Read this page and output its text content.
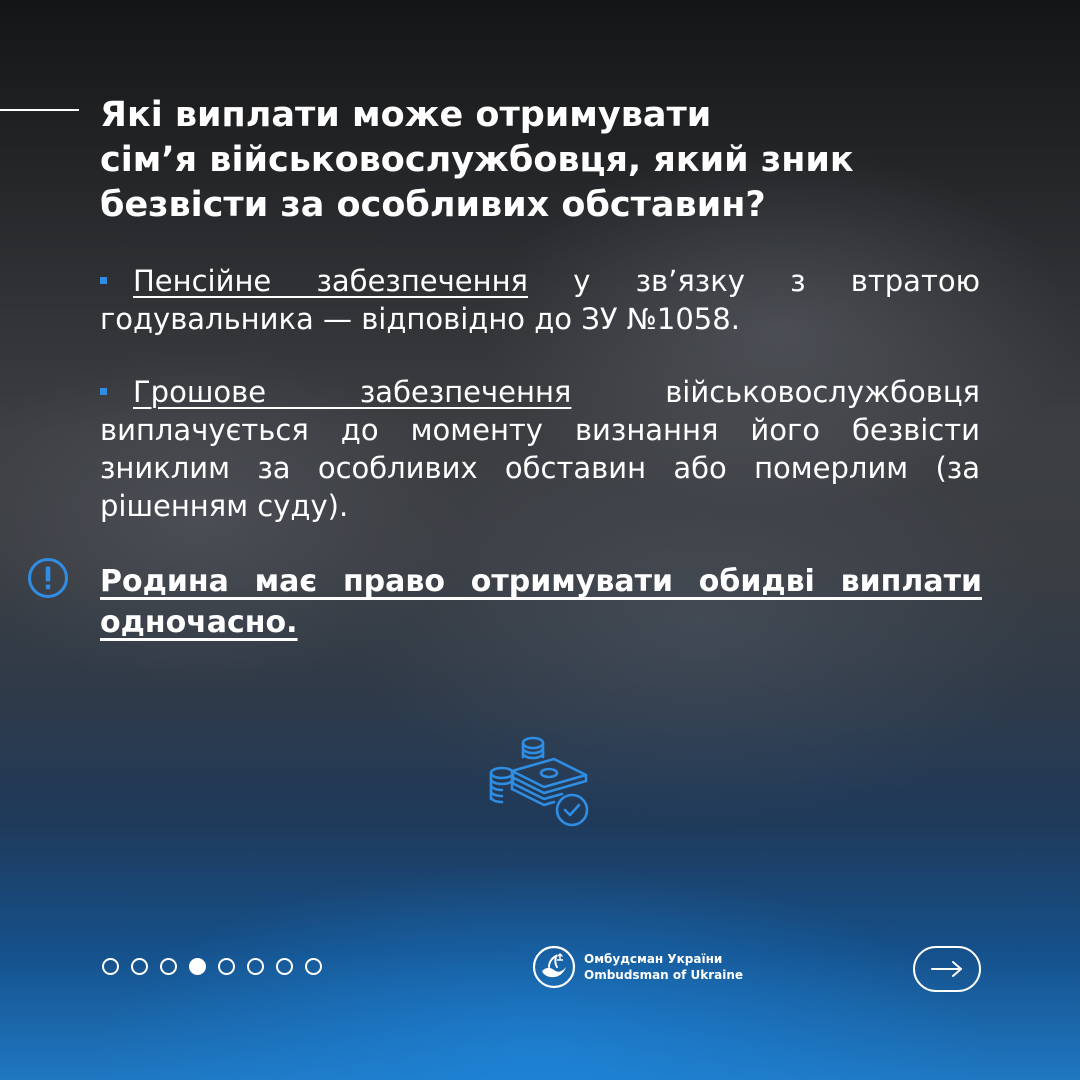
Які виплати може отримувати
сім’я військовослужбовця, який зник
безвісти за особливих обставин?

Пенсійне забезпечення у зв’язку з втратою годувальника — відповідно до ЗУ №1058.

Грошове забезпечення військовослужбовця виплачується до моменту визнання його безвісти зниклим за особливих обставин або померлим (за рішенням суду).

Родина має право отримувати обидві виплати одночасно.

Омбудсман України
Ombudsman of Ukraine
